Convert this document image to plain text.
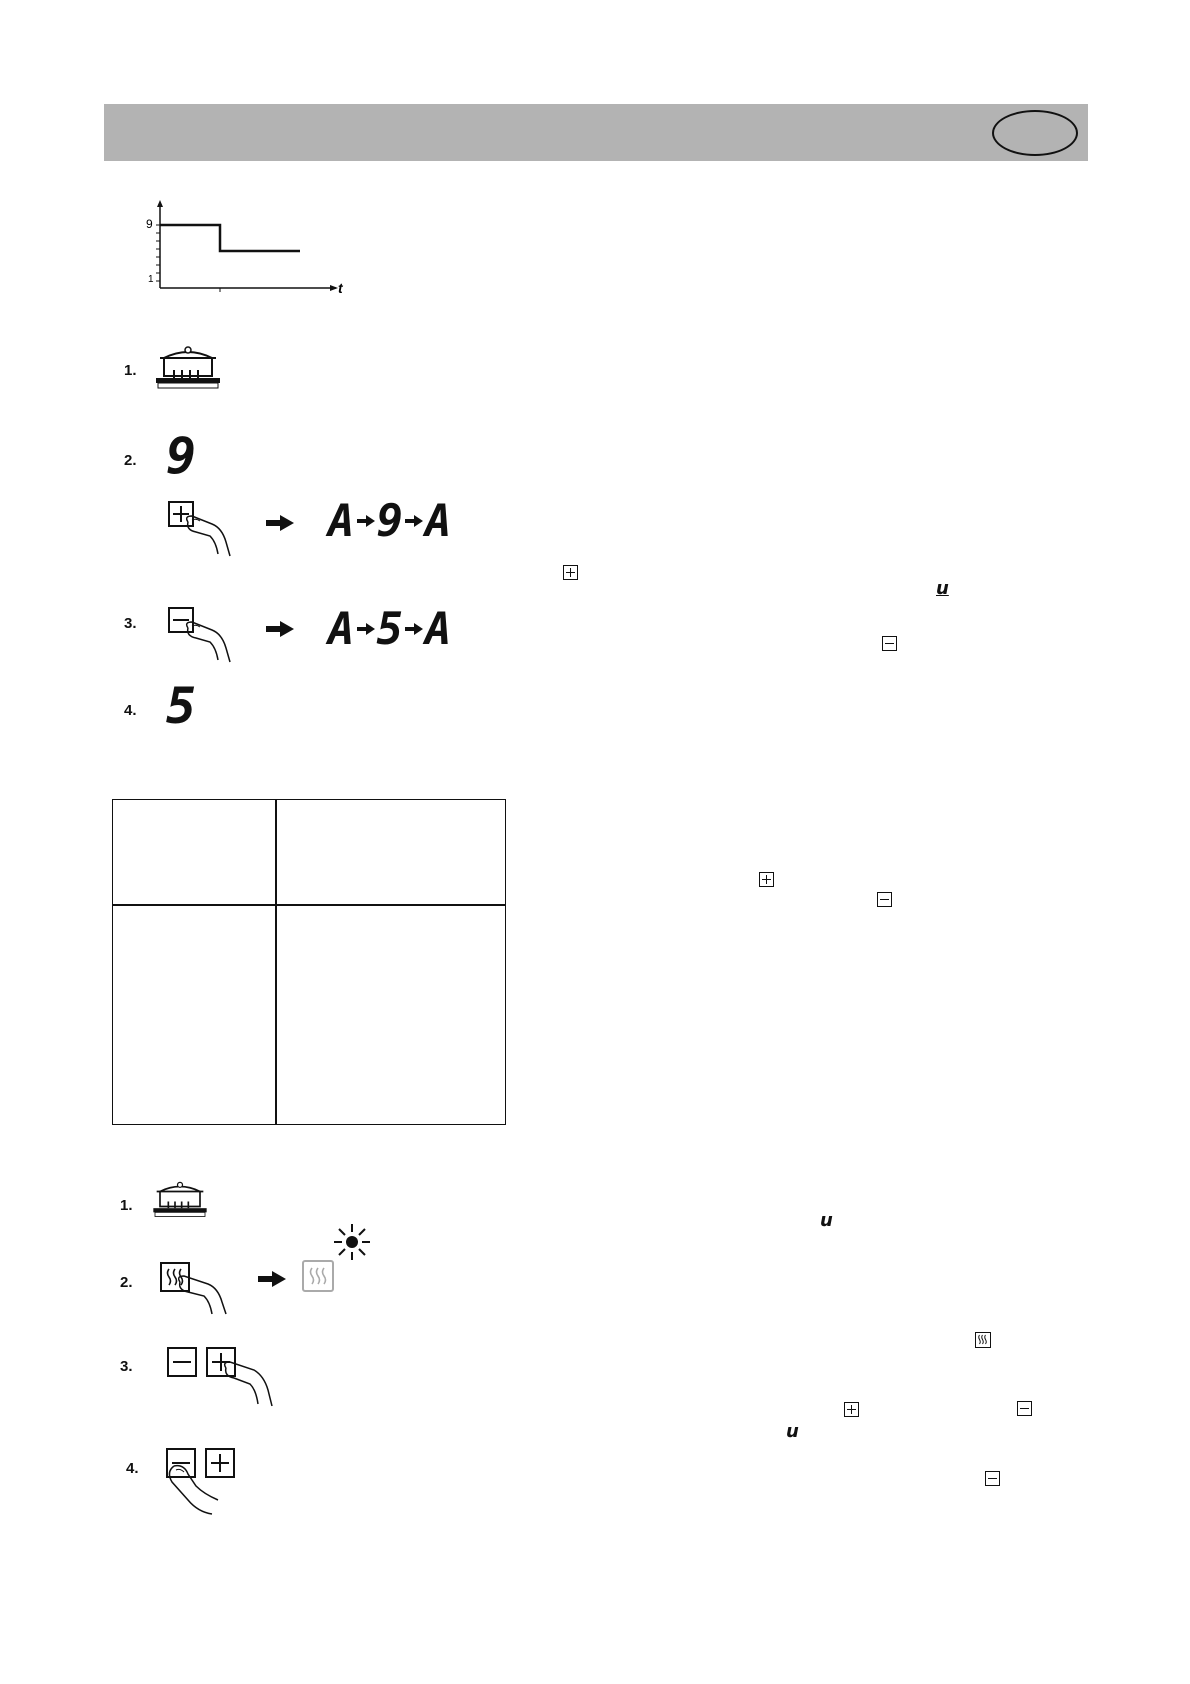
9
1
t
1.
2. 9
A 9 A
3.	A 5 A
4. 5
u
1.
2.
3.
4.
u
u
